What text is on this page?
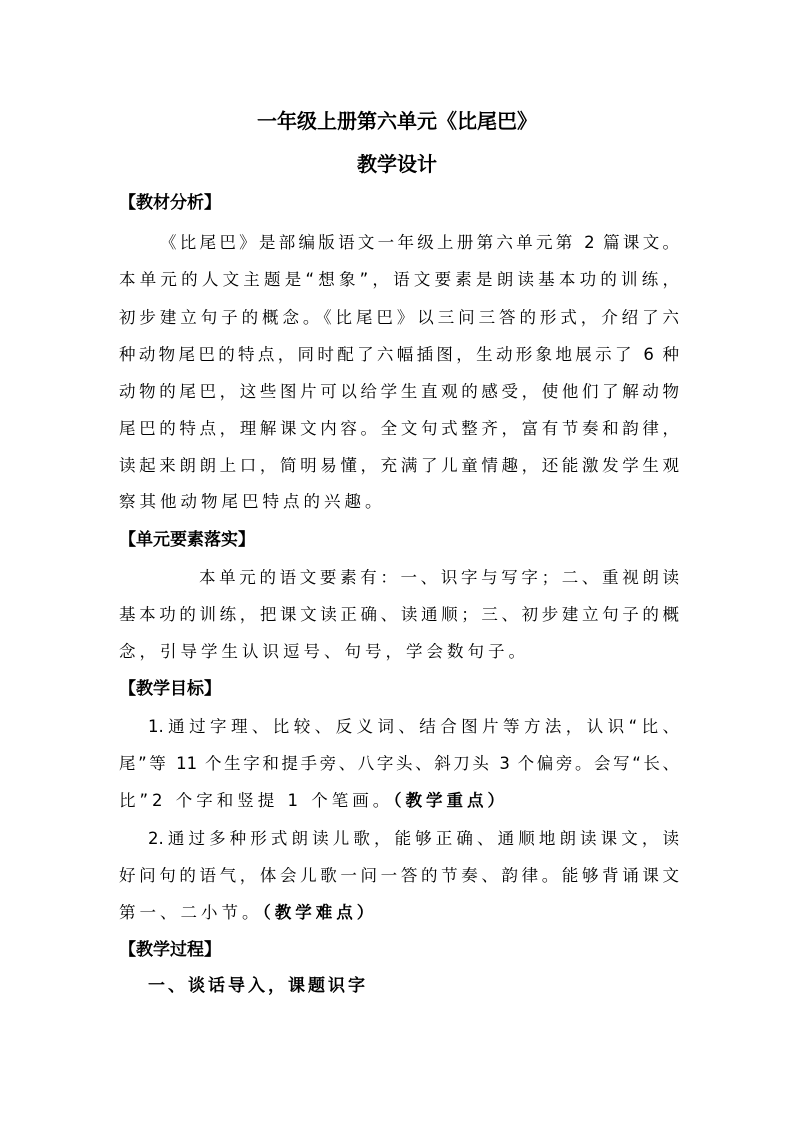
一年级上册第六单元《比尾巴》
教学设计
【教材分析】
《比尾巴》是部编版语文一年级上册第六单元第 2 篇课文。
本单元的人文主题是“想象”，语文要素是朗读基本功的训练，
初步建立句子的概念。《比尾巴》以三问三答的形式，介绍了六
种动物尾巴的特点，同时配了六幅插图，生动形象地展示了 6 种
动物的尾巴，这些图片可以给学生直观的感受，使他们了解动物
尾巴的特点，理解课文内容。全文句式整齐，富有节奏和韵律，
读起来朗朗上口，简明易懂，充满了儿童情趣，还能激发学生观
察其他动物尾巴特点的兴趣。
【单元要素落实】
本单元的语文要素有：一、识字与写字；二、重视朗读
基本功的训练，把课文读正确、读通顺；三、初步建立句子的概
念，引导学生认识逗号、句号，学会数句子。
【教学目标】
1.通过字理、比较、反义词、结合图片等方法，认识“比、
尾”等 11 个生字和提手旁、八字头、斜刀头 3 个偏旁。会写“长、
比”2 个字和竖提 1 个笔画。（教学重点）
2.通过多种形式朗读儿歌，能够正确、通顺地朗读课文，读
好问句的语气，体会儿歌一问一答的节奏、韵律。能够背诵课文
第一、二小节。（教学难点）
【教学过程】
一、谈话导入，课题识字
